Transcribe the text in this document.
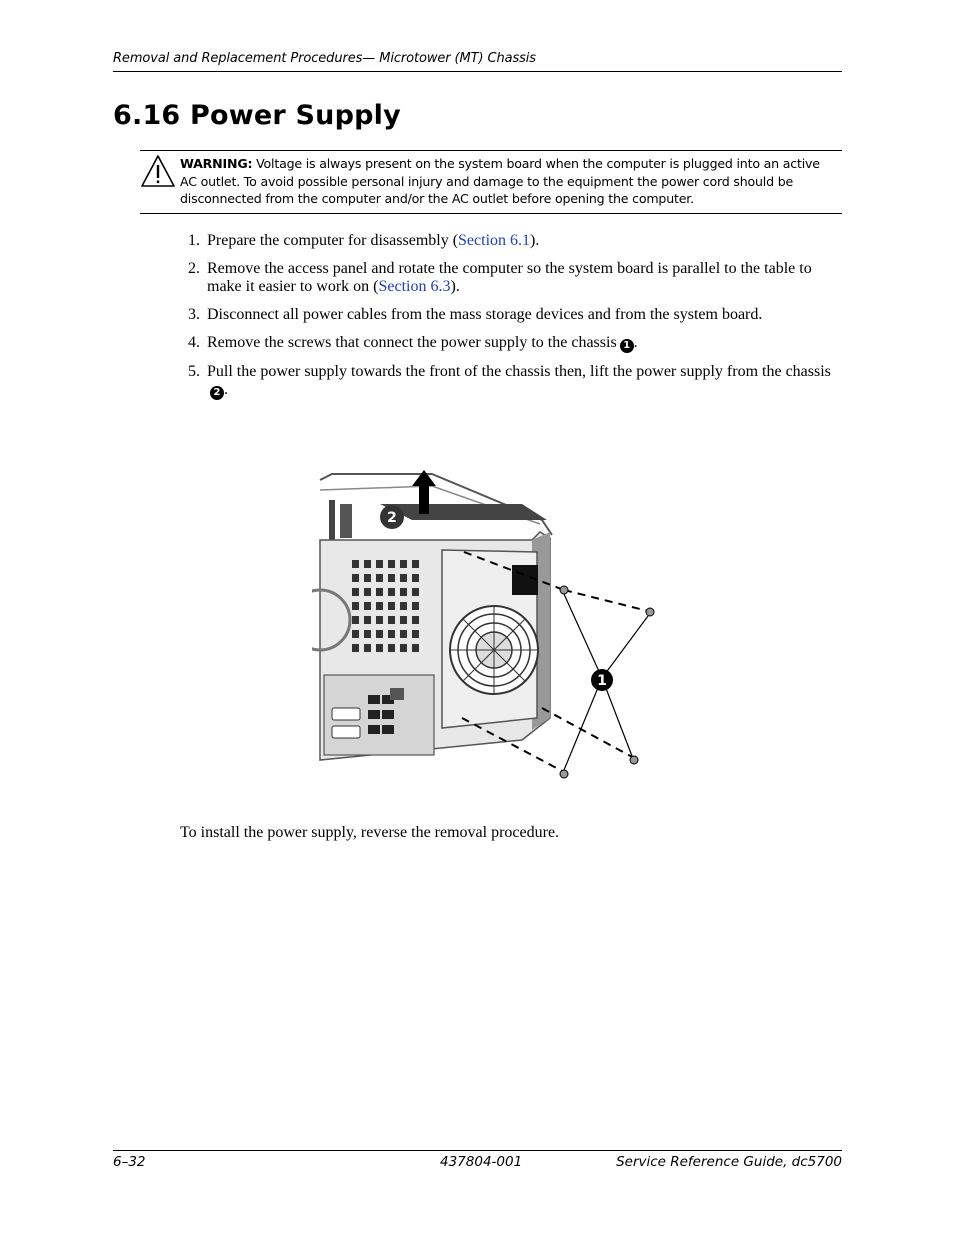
Removal and Replacement Procedures— Microtower (MT) Chassis
6.16 Power Supply
WARNING: Voltage is always present on the system board when the computer is plugged into an active AC outlet. To avoid possible personal injury and damage to the equipment the power cord should be disconnected from the computer and/or the AC outlet before opening the computer.
1. Prepare the computer for disassembly (Section 6.1).
2. Remove the access panel and rotate the computer so the system board is parallel to the table to make it easier to work on (Section 6.3).
3. Disconnect all power cables from the mass storage devices and from the system board.
4. Remove the screws that connect the power supply to the chassis 1 .
5. Pull the power supply towards the front of the chassis then, lift the power supply from the chassis2 .
1
2
To install the power supply, reverse the removal procedure.
6–32	437804-001	Service Reference Guide, dc5700
